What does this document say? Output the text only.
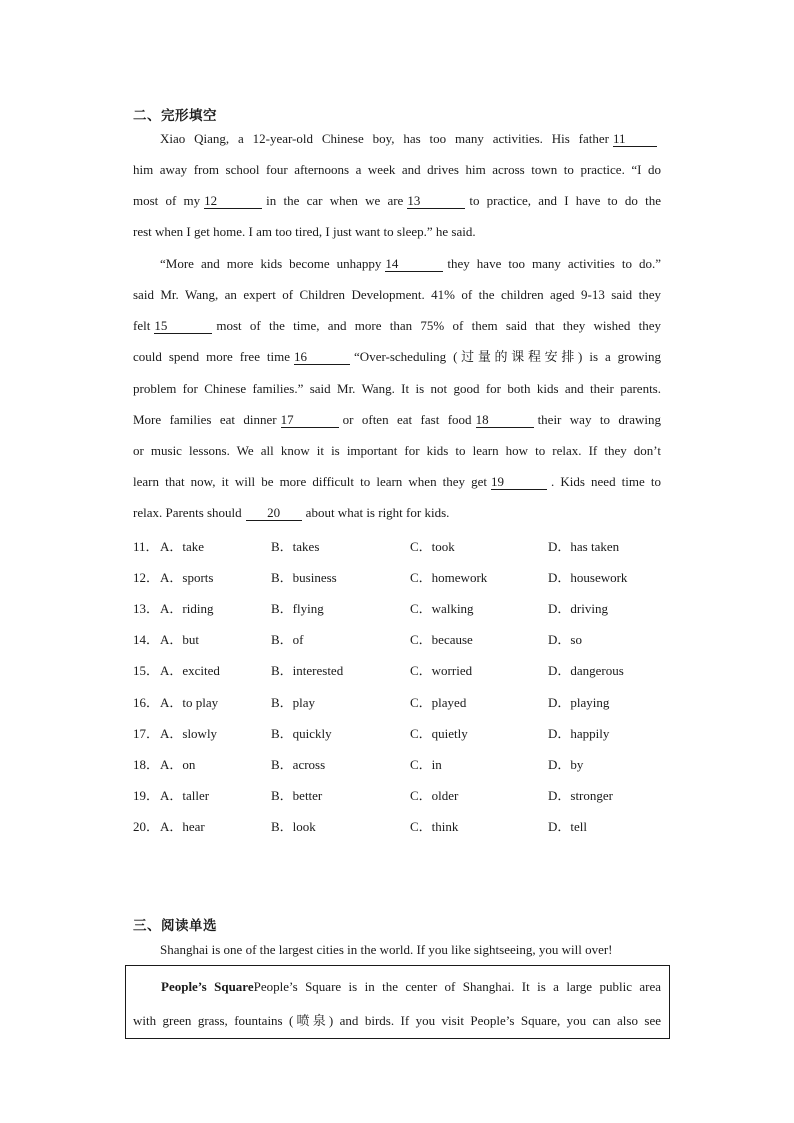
二、完形填空
Xiao Qiang, a 12-year-old Chinese boy, has too many activities. His father 11
him away from school four afternoons a week and drives him across town to practice. “I do
most of my 12	in the car when we are 13	to practice, and I have to do the
rest when I get home. I am too tired, I just want to sleep.” he said.
“More and more kids become unhappy 14	they have too many activities to do.”
said Mr. Wang, an expert of Children Development. 41% of the children aged 9-13 said they
felt 15	most of the time, and more than 75% of them said that they wished they
could spend more free time 16	“Over-scheduling (过量的课程安排) is a growing
problem for Chinese families.” said Mr. Wang. It is not good for both kids and their parents.
More families eat dinner 17	or often eat fast food 18	their way to drawing
or music lessons. We all know it is important for kids to learn how to relax. If they don’t
learn that now, it will be more difficult to learn when they get 19	. Kids need time to
relax. Parents should 20 about what is right for kids.
11． A．take	B．takes	C．took	D．has taken
12． A．sports	B．business	C．homework	D．housework
13． A．riding	B．flying	C．walking	D．driving
14． A．but	B．of	C．because	D．so
15． A．excited	B．interested	C．worried	D．dangerous
16． A．to play	B．play	C．played	D．playing
17． A．slowly	B．quickly	C．quietly	D．happily
18． A．on	B．across	C．in	D．by
19． A．taller	B．better	C．older	D．stronger
20． A．hear	B．look	C．think	D．tell
三、阅读单选
Shanghai is one of the largest cities in the world. If you like sightseeing, you will over!
People’s SquarePeople’s Square is in the center of Shanghai. It is a large public area
with green grass, fountains (喷泉) and birds. If you visit People’s Square, you can also see
